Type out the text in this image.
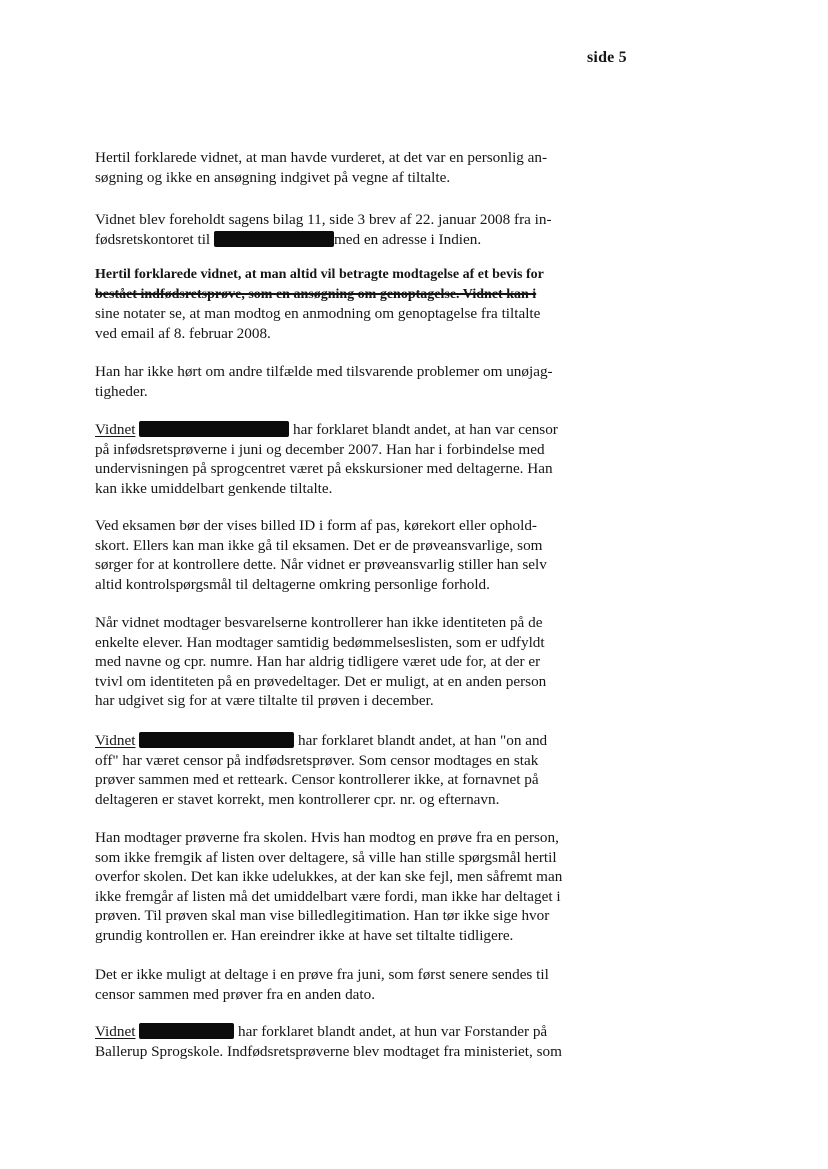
side 5
Hertil forklarede vidnet, at man havde vurderet, at det var en personlig an-
søgning og ikke en ansøgning indgivet på vegne af tiltalte.
Vidnet blev foreholdt sagens bilag 11, side 3 brev af 22. januar 2008 fra in-
fødsretskontoret til	med en adresse i Indien.
Hertil forklarede vidnet, at man altid vil betragte modtagelse af et bevis for
bestået indfødsretsprøve, som en ansøgning om genoptagelse. Vidnet kan i
sine notater se, at man modtog en anmodning om genoptagelse fra tiltalte
ved email af 8. februar 2008.
Han har ikke hørt om andre tilfælde med tilsvarende problemer om unøjag-
tigheder.
Vidnet	har forklaret blandt andet, at han var censor
på infødsretsprøverne i juni og december 2007. Han har i forbindelse med
undervisningen på sprogcentret været på ekskursioner med deltagerne. Han
kan ikke umiddelbart genkende tiltalte.
Ved eksamen bør der vises billed ID i form af pas, kørekort eller ophold-
skort. Ellers kan man ikke gå til eksamen. Det er de prøveansvarlige, som
sørger for at kontrollere dette. Når vidnet er prøveansvarlig stiller han selv
altid kontrolspørgsmål til deltagerne omkring personlige forhold.
Når vidnet modtager besvarelserne kontrollerer han ikke identiteten på de
enkelte elever. Han modtager samtidig bedømmelseslisten, som er udfyldt
med navne og cpr. numre. Han har aldrig tidligere været ude for, at der er
tvivl om identiteten på en prøvedeltager. Det er muligt, at en anden person
har udgivet sig for at være tiltalte til prøven i december.
Vidnet	har forklaret blandt andet, at han "on and
off" har været censor på indfødsretsprøver. Som censor modtages en stak
prøver sammen med et retteark. Censor kontrollerer ikke, at fornavnet på
deltageren er stavet korrekt, men kontrollerer cpr. nr. og efternavn.
Han modtager prøverne fra skolen. Hvis han modtog en prøve fra en person,
som ikke fremgik af listen over deltagere, så ville han stille spørgsmål hertil
overfor skolen. Det kan ikke udelukkes, at der kan ske fejl, men såfremt man
ikke fremgår af listen må det umiddelbart være fordi, man ikke har deltaget i
prøven. Til prøven skal man vise billedlegitimation. Han tør ikke sige hvor
grundig kontrollen er. Han ereindrer ikke at have set tiltalte tidligere.
Det er ikke muligt at deltage i en prøve fra juni, som først senere sendes til
censor sammen med prøver fra en anden dato.
Vidnet	har forklaret blandt andet, at hun var Forstander på
Ballerup Sprogskole. Indfødsretsprøverne blev modtaget fra ministeriet, som
